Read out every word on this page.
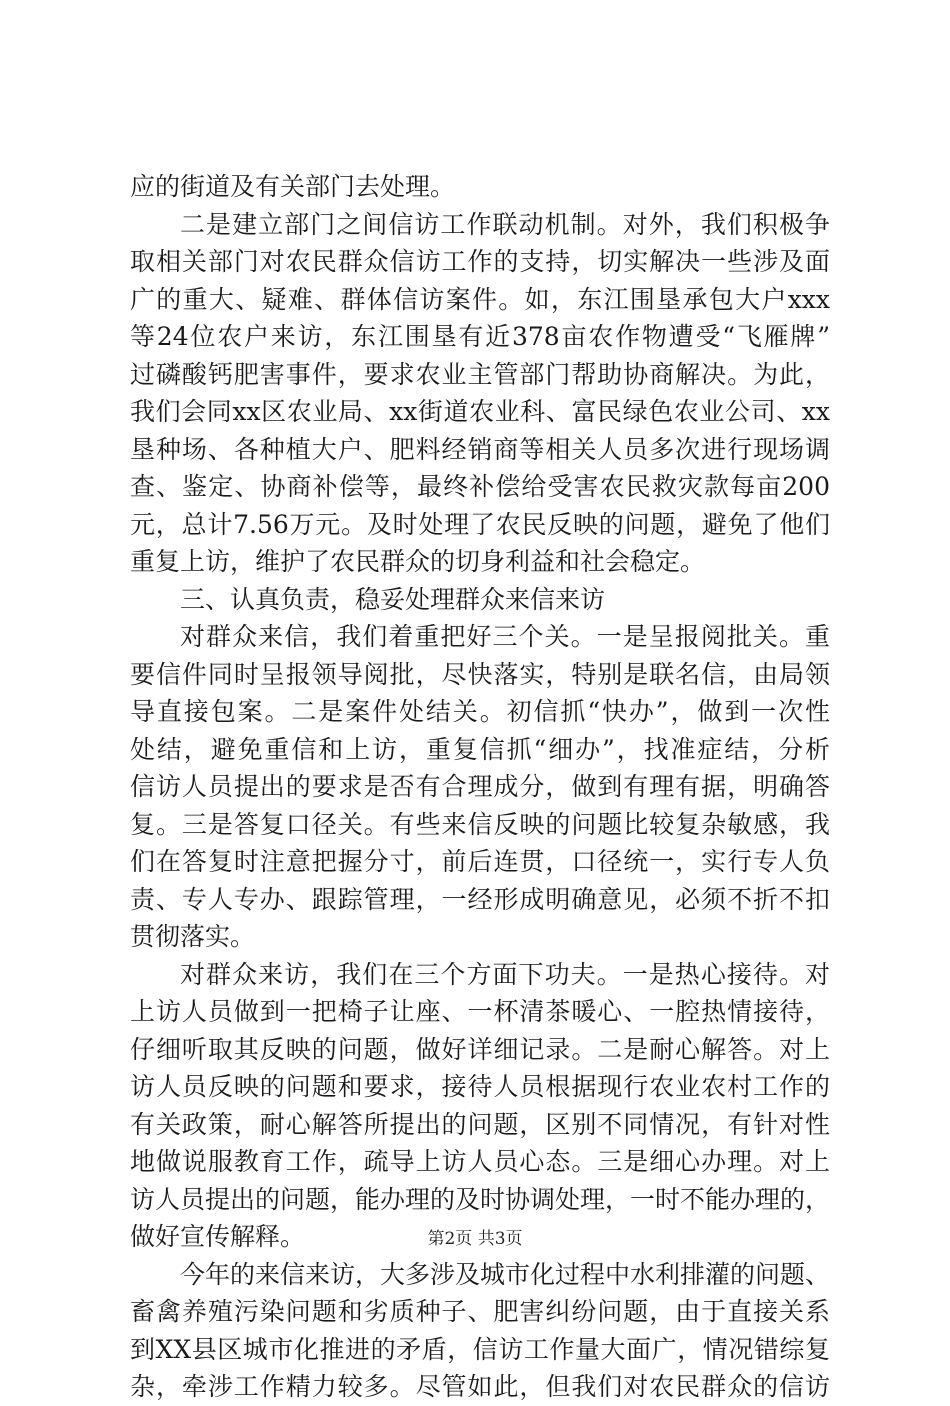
应的街道及有关部门去处理。
二是建立部门之间信访工作联动机制。对外，我们积极争
取相关部门对农民群众信访工作的支持，切实解决一些涉及面
广的重大、疑难、群体信访案件。如，东江围垦承包大户xxx
等24位农户来访，东江围垦有近378亩农作物遭受“飞雁牌”
过磷酸钙肥害事件，要求农业主管部门帮助协商解决。为此，
我们会同xx区农业局、xx街道农业科、富民绿色农业公司、xx
垦种场、各种植大户、肥料经销商等相关人员多次进行现场调
查、鉴定、协商补偿等，最终补偿给受害农民救灾款每亩200
元，总计7.56万元。及时处理了农民反映的问题，避免了他们
重复上访，维护了农民群众的切身利益和社会稳定。
三、认真负责，稳妥处理群众来信来访
对群众来信，我们着重把好三个关。一是呈报阅批关。重
要信件同时呈报领导阅批，尽快落实，特别是联名信，由局领
导直接包案。二是案件处结关。初信抓“快办”，做到一次性
处结，避免重信和上访，重复信抓“细办”，找准症结，分析
信访人员提出的要求是否有合理成分，做到有理有据，明确答
复。三是答复口径关。有些来信反映的问题比较复杂敏感，我
们在答复时注意把握分寸，前后连贯，口径统一，实行专人负
责、专人专办、跟踪管理，一经形成明确意见，必须不折不扣
贯彻落实。
对群众来访，我们在三个方面下功夫。一是热心接待。对
上访人员做到一把椅子让座、一杯清茶暖心、一腔热情接待，
仔细听取其反映的问题，做好详细记录。二是耐心解答。对上
访人员反映的问题和要求，接待人员根据现行农业农村工作的
有关政策，耐心解答所提出的问题，区别不同情况，有针对性
地做说服教育工作，疏导上访人员心态。三是细心办理。对上
访人员提出的问题，能办理的及时协调处理，一时不能办理的，
做好宣传解释。
今年的来信来访，大多涉及城市化过程中水利排灌的问题、
畜禽养殖污染问题和劣质种子、肥害纠纷问题，由于直接关系
到XX县区城市化推进的矛盾，信访工作量大面广，情况错综复
杂，牵涉工作精力较多。尽管如此，但我们对农民群众的信访
第2页 共3页
